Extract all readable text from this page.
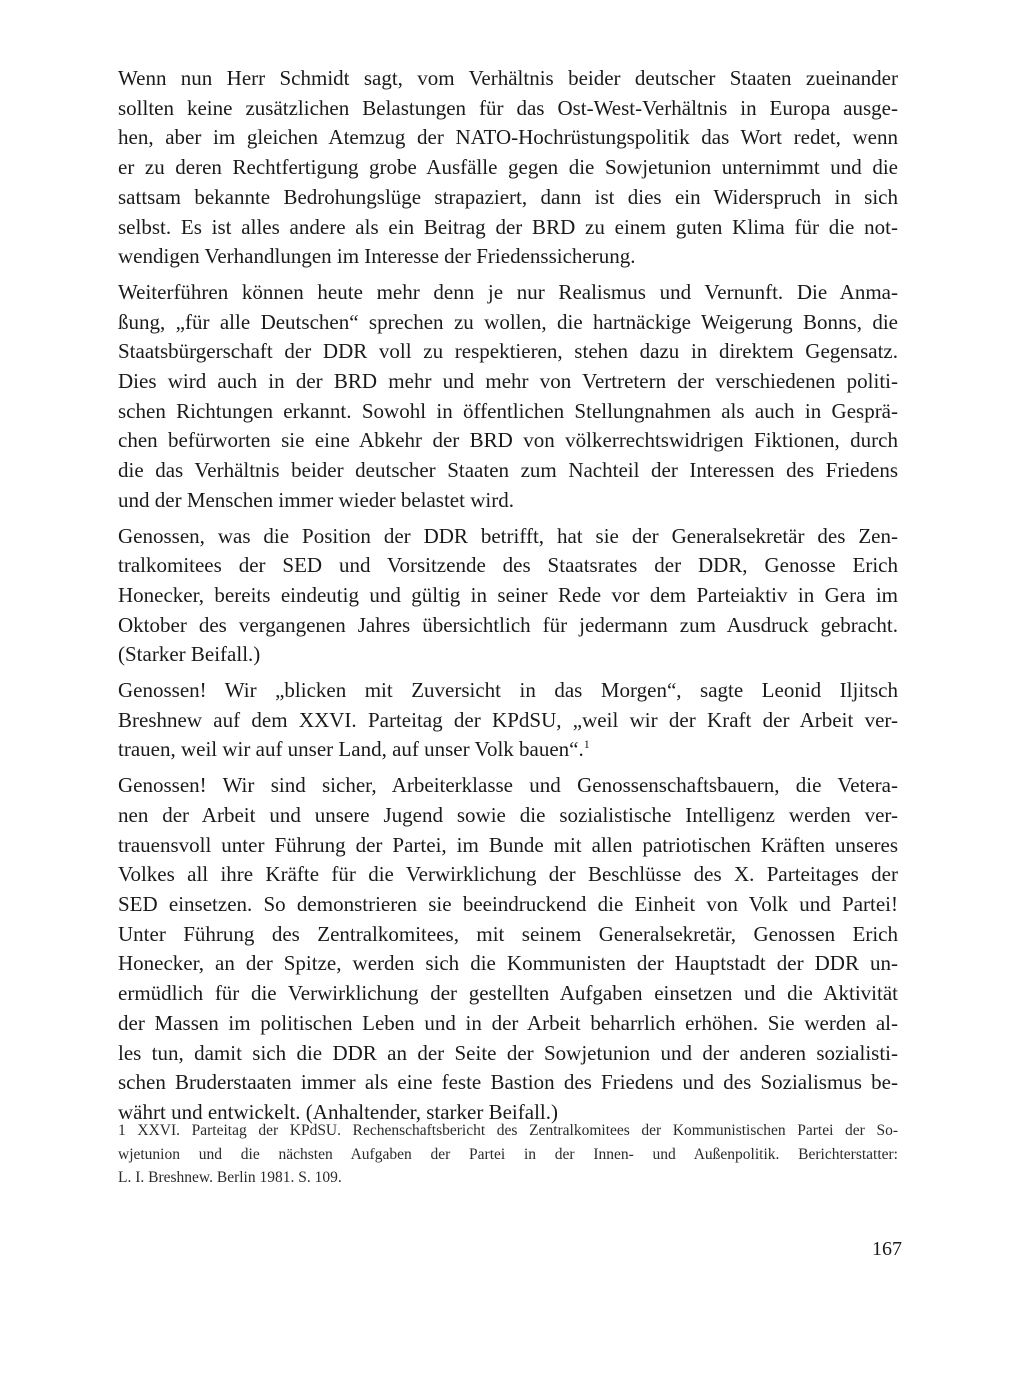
Wenn nun Herr Schmidt sagt, vom Verhältnis beider deutscher Staaten zueinander
sollten keine zusätzlichen Belastungen für das Ost-West-Verhältnis in Europa ausge-
hen, aber im gleichen Atemzug der NATO-Hochrüstungspolitik das Wort redet, wenn
er zu deren Rechtfertigung grobe Ausfälle gegen die Sowjetunion unternimmt und die
sattsam bekannte Bedrohungslüge strapaziert, dann ist dies ein Widerspruch in sich
selbst. Es ist alles andere als ein Beitrag der BRD zu einem guten Klima für die not-
wendigen Verhandlungen im Interesse der Friedenssicherung.

Weiterführen können heute mehr denn je nur Realismus und Vernunft. Die Anma-
ßung, „für alle Deutschen“ sprechen zu wollen, die hartnäckige Weigerung Bonns, die
Staatsbürgerschaft der DDR voll zu respektieren, stehen dazu in direktem Gegensatz.
Dies wird auch in der BRD mehr und mehr von Vertretern der verschiedenen politi-
schen Richtungen erkannt. Sowohl in öffentlichen Stellungnahmen als auch in Gesprä-
chen befürworten sie eine Abkehr der BRD von völkerrechtswidrigen Fiktionen, durch
die das Verhältnis beider deutscher Staaten zum Nachteil der Interessen des Friedens
und der Menschen immer wieder belastet wird.

Genossen, was die Position der DDR betrifft, hat sie der Generalsekretär des Zen-
tralkomitees der SED und Vorsitzende des Staatsrates der DDR, Genosse Erich
Honecker, bereits eindeutig und gültig in seiner Rede vor dem Parteiaktiv in Gera im
Oktober des vergangenen Jahres übersichtlich für jedermann zum Ausdruck gebracht.
(Starker Beifall.)

Genossen! Wir „blicken mit Zuversicht in das Morgen“, sagte Leonid Iljitsch
Breshnew auf dem XXVI. Parteitag der KPdSU, „weil wir der Kraft der Arbeit ver-
trauen, weil wir auf unser Land, auf unser Volk bauen“.$^1$

Genossen! Wir sind sicher, Arbeiterklasse und Genossenschaftsbauern, die Vetera-
nen der Arbeit und unsere Jugend sowie die sozialistische Intelligenz werden ver-
trauensvoll unter Führung der Partei, im Bunde mit allen patriotischen Kräften unseres
Volkes all ihre Kräfte für die Verwirklichung der Beschlüsse des X. Parteitages der
SED einsetzen. So demonstrieren sie beeindruckend die Einheit von Volk und Partei!
Unter Führung des Zentralkomitees, mit seinem Generalsekretär, Genossen Erich
Honecker, an der Spitze, werden sich die Kommunisten der Hauptstadt der DDR un-
ermüdlich für die Verwirklichung der gestellten Aufgaben einsetzen und die Aktivität
der Massen im politischen Leben und in der Arbeit beharrlich erhöhen. Sie werden al-
les tun, damit sich die DDR an der Seite der Sowjetunion und der anderen sozialisti-
schen Bruderstaaten immer als eine feste Bastion des Friedens und des Sozialismus be-
währt und entwickelt. (Anhaltender, starker Beifall.)

1 XXVI. Parteitag der KPdSU. Rechenschaftsbericht des Zentralkomitees der Kommunistischen Partei der So-
wjetunion und die nächsten Aufgaben der Partei in der Innen- und Außenpolitik. Berichterstatter:
L. I. Breshnew. Berlin 1981. S. 109.
167
